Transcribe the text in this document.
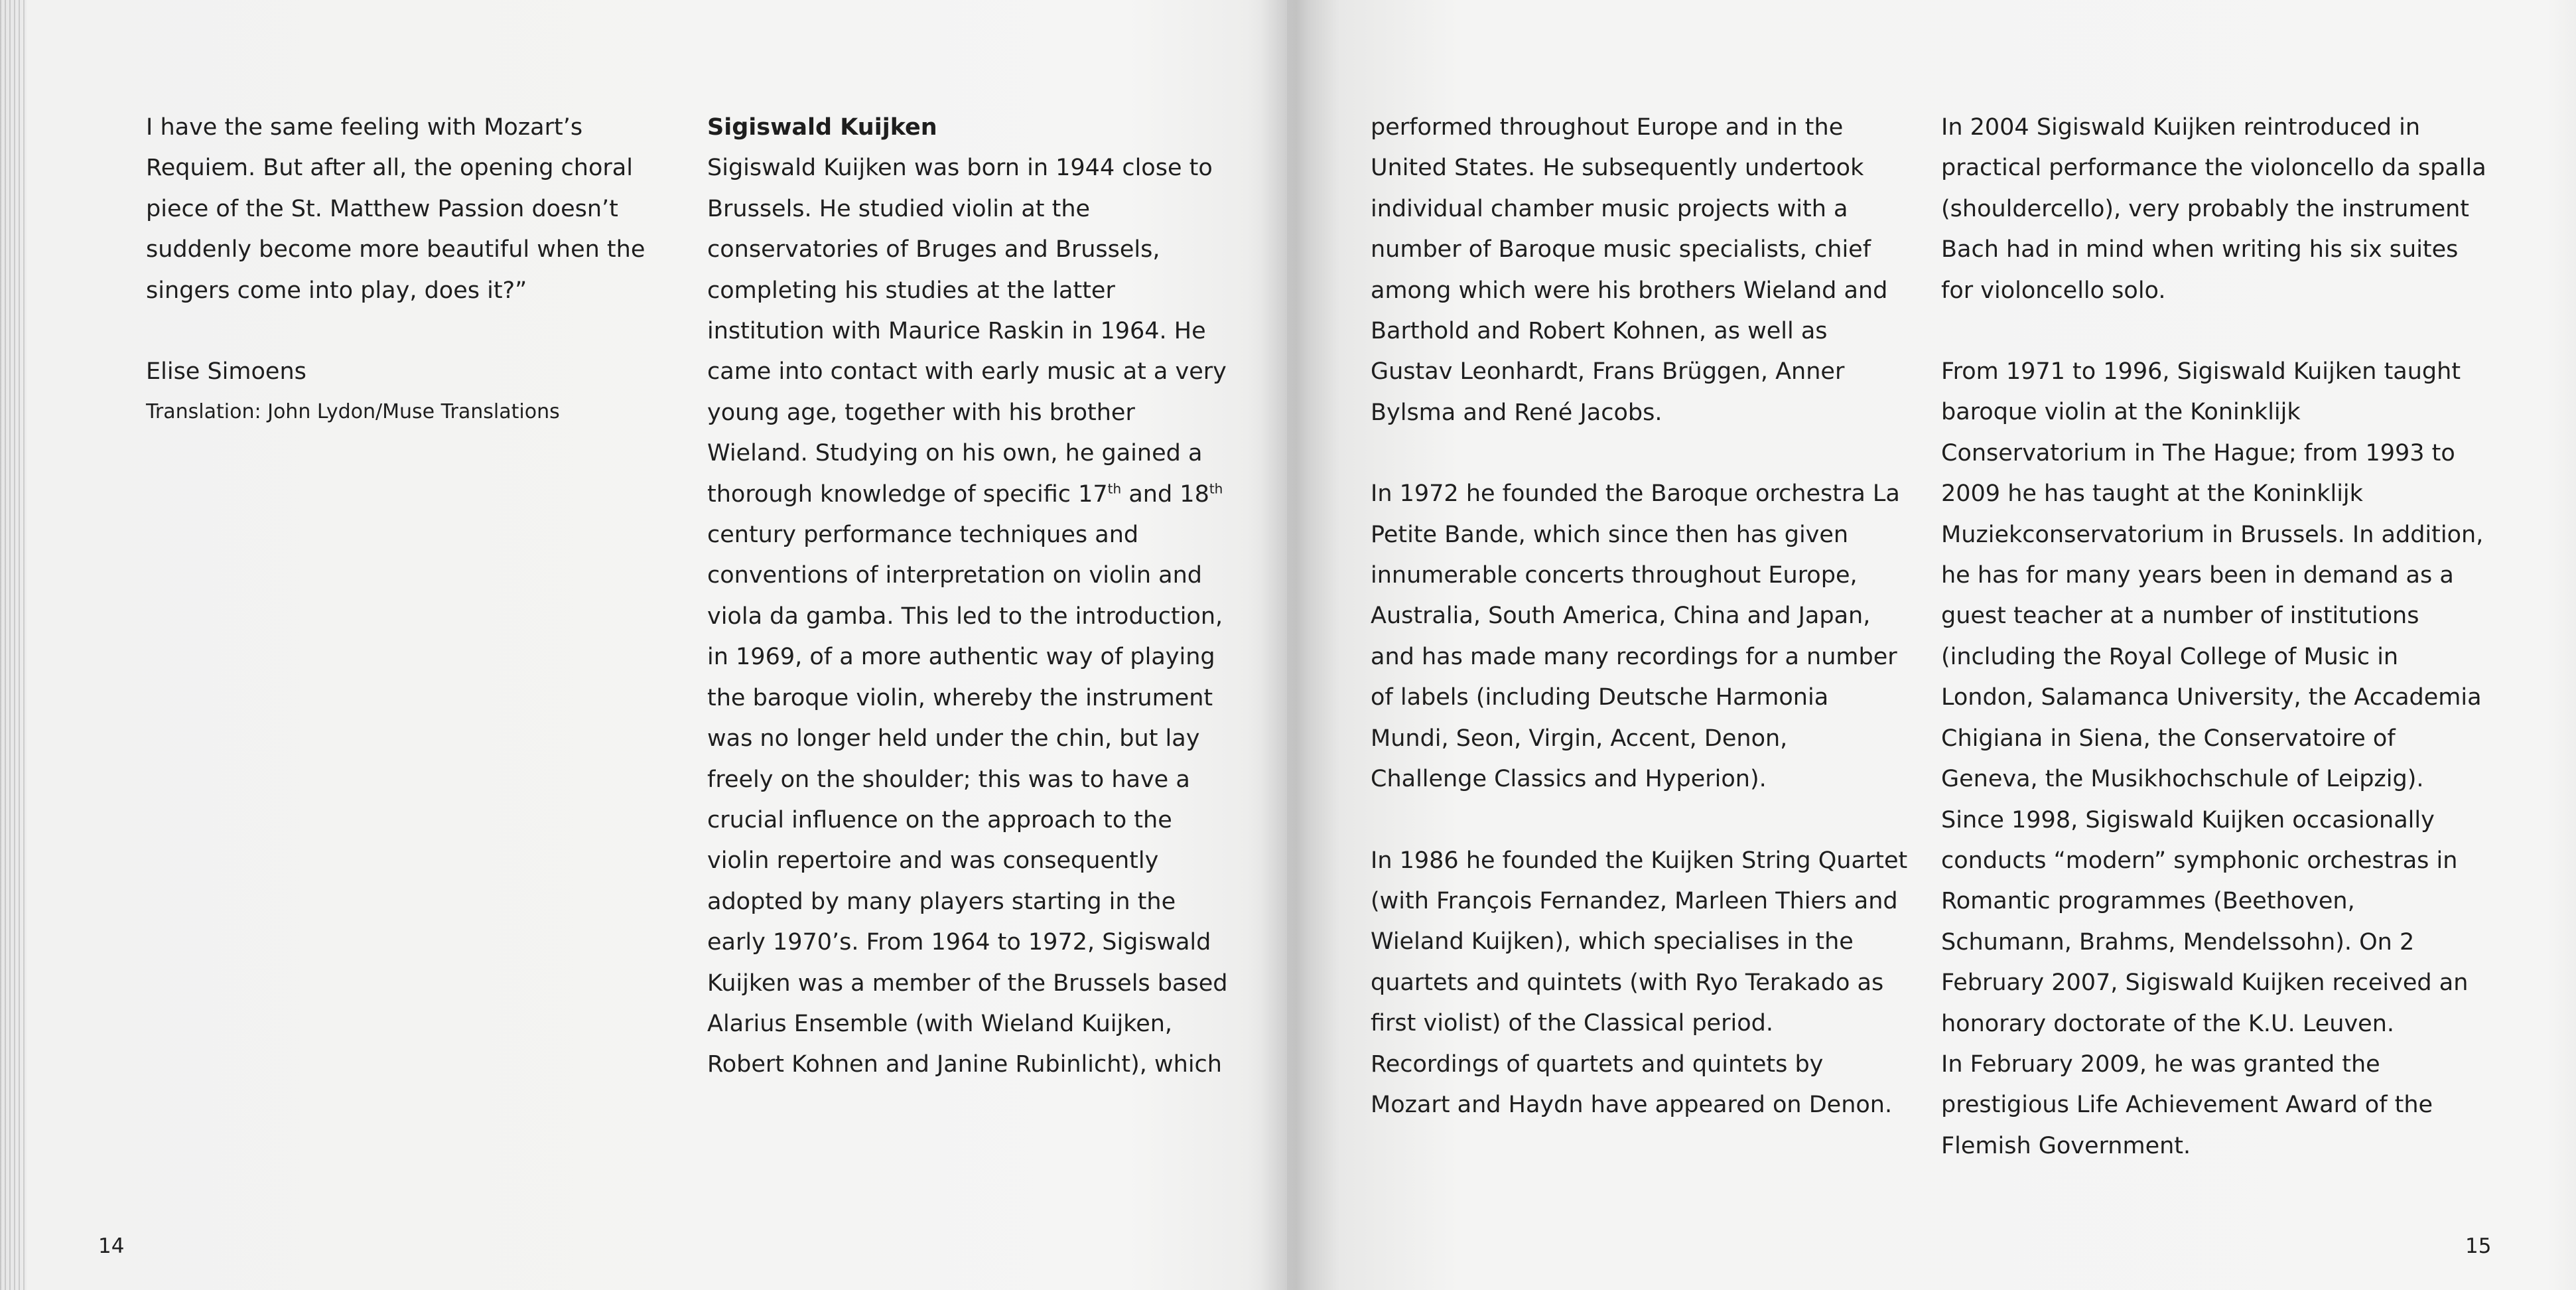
I have the same feeling with Mozart’s Requiem. But after all, the opening choral piece of the St. Matthew Passion doesn’t suddenly become more beautiful when the singers come into play, does it?”

Elise Simoens

Translation: John Lydon/Muse Translations

Sigiswald Kuijken

Sigiswald Kuijken was born in 1944 close to Brussels. He studied violin at the conservatories of Bruges and Brussels, completing his studies at the latter institution with Maurice Raskin in 1964. He came into contact with early music at a very young age, together with his brother Wieland. Studying on his own, he gained a thorough knowledge of specific 17th and 18th century performance techniques and conventions of interpretation on violin and viola da gamba. This led to the introduction, in 1969, of a more authentic way of playing the baroque violin, whereby the instrument was no longer held under the chin, but lay freely on the shoulder; this was to have a crucial influence on the approach to the violin repertoire and was consequently adopted by many players starting in the early 1970’s. From 1964 to 1972, Sigiswald Kuijken was a member of the Brussels based Alarius Ensemble (with Wieland Kuijken, Robert Kohnen and Janine Rubinlicht), which

14

performed throughout Europe and in the United States. He subsequently undertook individual chamber music projects with a number of Baroque music specialists, chief among which were his brothers Wieland and Barthold and Robert Kohnen, as well as Gustav Leonhardt, Frans Brüggen, Anner Bylsma and René Jacobs.

In 1972 he founded the Baroque orchestra La Petite Bande, which since then has given innumerable concerts throughout Europe, Australia, South America, China and Japan, and has made many recordings for a number of labels (including Deutsche Harmonia Mundi, Seon, Virgin, Accent, Denon, Challenge Classics and Hyperion).

In 1986 he founded the Kuijken String Quartet (with François Fernandez, Marleen Thiers and Wieland Kuijken), which specialises in the quartets and quintets (with Ryo Terakado as first violist) of the Classical period. Recordings of quartets and quintets by Mozart and Haydn have appeared on Denon.

In 2004 Sigiswald Kuijken reintroduced in practical performance the violoncello da spalla (shouldercello), very probably the instrument Bach had in mind when writing his six suites for violoncello solo.

From 1971 to 1996, Sigiswald Kuijken taught baroque violin at the Koninklijk Conservatorium in The Hague; from 1993 to 2009 he has taught at the Koninklijk Muziekconservatorium in Brussels. In addition, he has for many years been in demand as a guest teacher at a number of institutions (including the Royal College of Music in London, Salamanca University, the Accademia Chigiana in Siena, the Conservatoire of Geneva, the Musikhochschule of Leipzig).

Since 1998, Sigiswald Kuijken occasionally conducts “modern” symphonic orchestras in Romantic programmes (Beethoven, Schumann, Brahms, Mendelssohn). On 2 February 2007, Sigiswald Kuijken received an honorary doctorate of the K.U. Leuven.

In February 2009, he was granted the prestigious Life Achievement Award of the Flemish Government.

15
